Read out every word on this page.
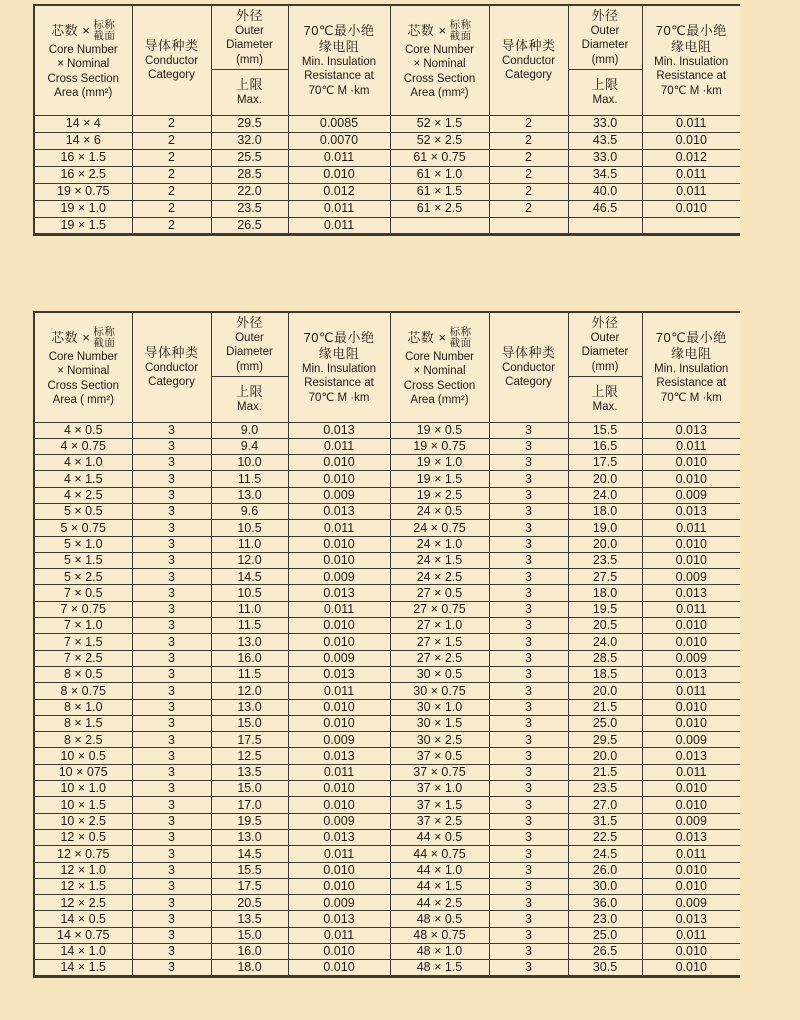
芯数 × 标称
截面
Core Number
× Nominal
Cross Section
Area (mm²)

导体种类
Conductor
Category

外径
Outer
Diameter
(mm)

70℃最小绝
缘电阻
Min. Insulation
Resistance at
70℃ M ·km

芯数 × 标称
截面
Core Number
× Nominal
Cross Section
Area (mm²)

导体种类
Conductor
Category

外径
Outer
Diameter
(mm)

70℃最小绝
缘电阻
Min. Insulation
Resistance at
70℃ M ·km

上限
Max.

上限
Max.

14 × 4	2	29.5	0.0085	52 × 1.5	2	33.0	0.011
14 × 6	2	32.0	0.0070	52 × 2.5	2	43.5	0.010
16 × 1.5	2	25.5	0.011	61 × 0.75	2	33.0	0.012
16 × 2.5	2	28.5	0.010	61 × 1.0	2	34.5	0.011
19 × 0.75	2	22.0	0.012	61 × 1.5	2	40.0	0.011
19 × 1.0	2	23.5	0.011	61 × 2.5	2	46.5	0.010
19 × 1.5	2	26.5	0.011				
芯数 × 标称
截面
Core Number
× Nominal
Cross Section
Area ( mm²)

导体种类
Conductor
Category

外径
Outer
Diameter
(mm)

70℃最小绝
缘电阻
Min. Insulation
Resistance at
70℃ M ·km

芯数 × 标称
截面
Core Number
× Nominal
Cross Section
Area (mm²)

导体种类
Conductor
Category

外径
Outer
Diameter
(mm)

70℃最小绝
缘电阻
Min. Insulation
Resistance at
70℃ M ·km

上限
Max.

上限
Max.

4 × 0.5	3	9.0	0.013	19 × 0.5	3	15.5	0.013
4 × 0.75	3	9.4	0.011	19 × 0.75	3	16.5	0.011
4 × 1.0	3	10.0	0.010	19 × 1.0	3	17.5	0.010
4 × 1.5	3	11.5	0.010	19 × 1.5	3	20.0	0.010
4 × 2.5	3	13.0	0.009	19 × 2.5	3	24.0	0.009
5 × 0.5	3	9.6	0.013	24 × 0.5	3	18.0	0.013
5 × 0.75	3	10.5	0.011	24 × 0.75	3	19.0	0.011
5 × 1.0	3	11.0	0.010	24 × 1.0	3	20.0	0.010
5 × 1.5	3	12.0	0.010	24 × 1.5	3	23.5	0.010
5 × 2.5	3	14.5	0.009	24 × 2.5	3	27.5	0.009
7 × 0.5	3	10.5	0.013	27 × 0.5	3	18.0	0.013
7 × 0.75	3	11.0	0.011	27 × 0.75	3	19.5	0.011
7 × 1.0	3	11.5	0.010	27 × 1.0	3	20.5	0.010
7 × 1.5	3	13.0	0.010	27 × 1.5	3	24.0	0.010
7 × 2.5	3	16.0	0.009	27 × 2.5	3	28.5	0.009
8 × 0.5	3	11.5	0.013	30 × 0.5	3	18.5	0.013
8 × 0.75	3	12.0	0.011	30 × 0.75	3	20.0	0.011
8 × 1.0	3	13.0	0.010	30 × 1.0	3	21.5	0.010
8 × 1.5	3	15.0	0.010	30 × 1.5	3	25.0	0.010
8 × 2.5	3	17.5	0.009	30 × 2.5	3	29.5	0.009
10 × 0.5	3	12.5	0.013	37 × 0.5	3	20.0	0.013
10 × 075	3	13.5	0.011	37 × 0.75	3	21.5	0.011
10 × 1.0	3	15.0	0.010	37 × 1.0	3	23.5	0.010
10 × 1.5	3	17.0	0.010	37 × 1.5	3	27.0	0.010
10 × 2.5	3	19.5	0.009	37 × 2.5	3	31.5	0.009
12 × 0.5	3	13.0	0.013	44 × 0.5	3	22.5	0.013
12 × 0.75	3	14.5	0.011	44 × 0.75	3	24.5	0.011
12 × 1.0	3	15.5	0.010	44 × 1.0	3	26.0	0.010
12 × 1.5	3	17.5	0.010	44 × 1.5	3	30.0	0.010
12 × 2.5	3	20.5	0.009	44 × 2.5	3	36.0	0.009
14 × 0.5	3	13.5	0.013	48 × 0.5	3	23.0	0.013
14 × 0.75	3	15.0	0.011	48 × 0.75	3	25.0	0.011
14 × 1.0	3	16.0	0.010	48 × 1.0	3	26.5	0.010
14 × 1.5	3	18.0	0.010	48 × 1.5	3	30.5	0.010
